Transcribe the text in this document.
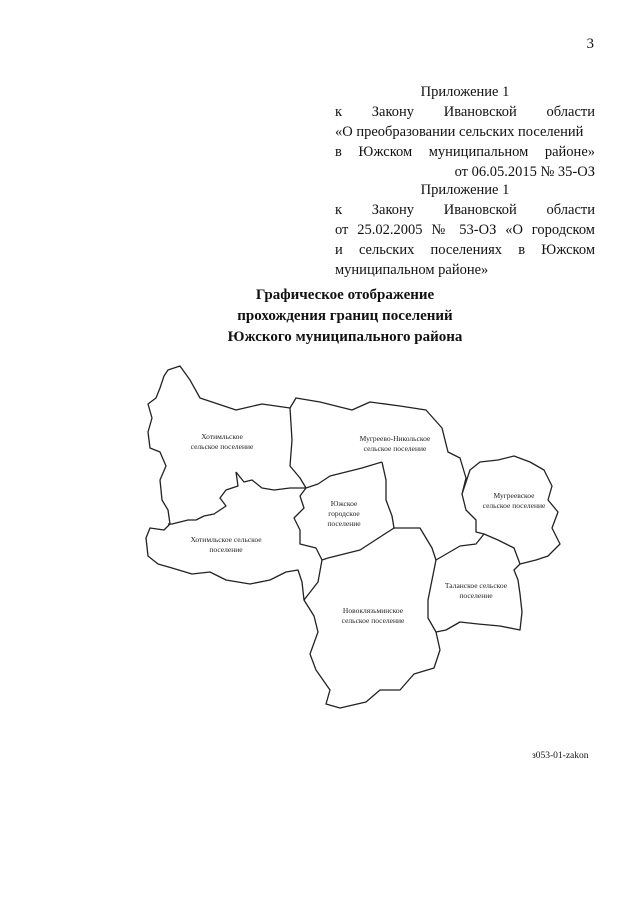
3
Приложение 1
к Закону Ивановской области
«О преобразовании сельских поселений
в Южском муниципальном районе»
от 06.05.2015 № 35-ОЗ
Приложение 1
к Закону Ивановской области
от 25.02.2005 № 53-ОЗ «О городском
и сельских поселениях в Южском
муниципальном районе»
Графическое отображение
прохождения границ поселений
Южского муниципального района
Хотимльское
сельское поселение
Мугреево-Никольское
сельское поселение
Южское
городское
поселение
Мугреевское
сельское поселение
Хотимльское сельское
поселение
Таланское сельское
поселение
Новоклязьминское
сельское поселение
з053-01-zakon
